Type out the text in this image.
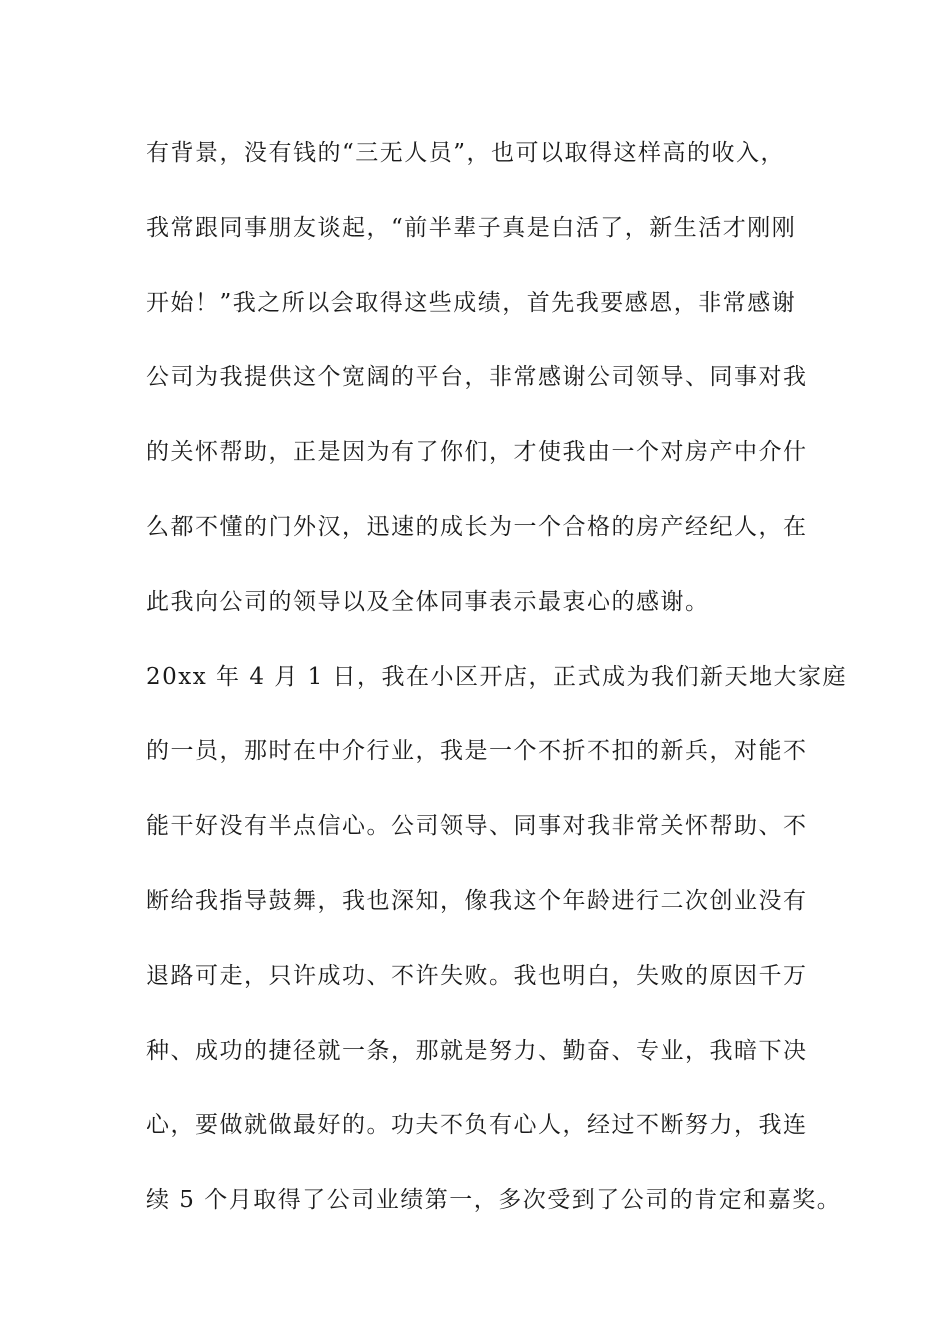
有背景，没有钱的“三无人员”，也可以取得这样高的收入，
我常跟同事朋友谈起，“前半辈子真是白活了，新生活才刚刚
开始！”我之所以会取得这些成绩，首先我要感恩，非常感谢
公司为我提供这个宽阔的平台，非常感谢公司领导、同事对我
的关怀帮助，正是因为有了你们，才使我由一个对房产中介什
么都不懂的门外汉，迅速的成长为一个合格的房产经纪人，在
此我向公司的领导以及全体同事表示最衷心的感谢。
20xx 年 4 月 1 日，我在小区开店，正式成为我们新天地大家庭
的一员，那时在中介行业，我是一个不折不扣的新兵，对能不
能干好没有半点信心。公司领导、同事对我非常关怀帮助、不
断给我指导鼓舞，我也深知，像我这个年龄进行二次创业没有
退路可走，只许成功、不许失败。我也明白，失败的原因千万
种、成功的捷径就一条，那就是努力、勤奋、专业，我暗下决
心，要做就做最好的。功夫不负有心人，经过不断努力，我连
续 5 个月取得了公司业绩第一，多次受到了公司的肯定和嘉奖。
